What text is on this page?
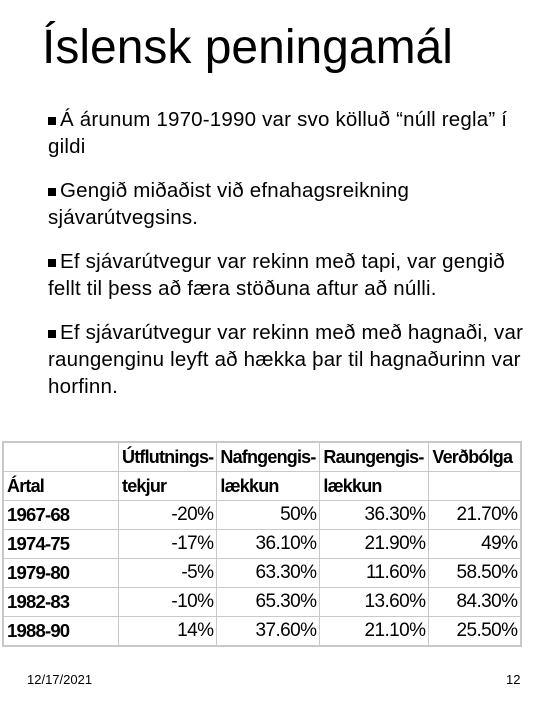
Íslensk peningamál
Á árunum 1970-1990 var svo kölluð “núll regla” í gildi
Gengið miðaðist við efnahagsreikning sjávarútvegsins.
Ef sjávarútvegur var rekinn með tapi, var gengið fellt til þess að færa stöðuna aftur að núlli.
Ef sjávarútvegur var rekinn með með hagnaði, var raungenginu leyft að hækka þar til hagnaðurinn var horfinn.
	Útflutnings-	Nafngengis-	Raungengis-	Verðbólga
Ártal	tekjur	lækkun	lækkun	
1967-68	-20%	50%	36.30%	21.70%
1974-75	-17%	36.10%	21.90%	49%
1979-80	-5%	63.30%	11.60%	58.50%
1982-83	-10%	65.30%	13.60%	84.30%
1988-90	14%	37.60%	21.10%	25.50%
12/17/2021	12
